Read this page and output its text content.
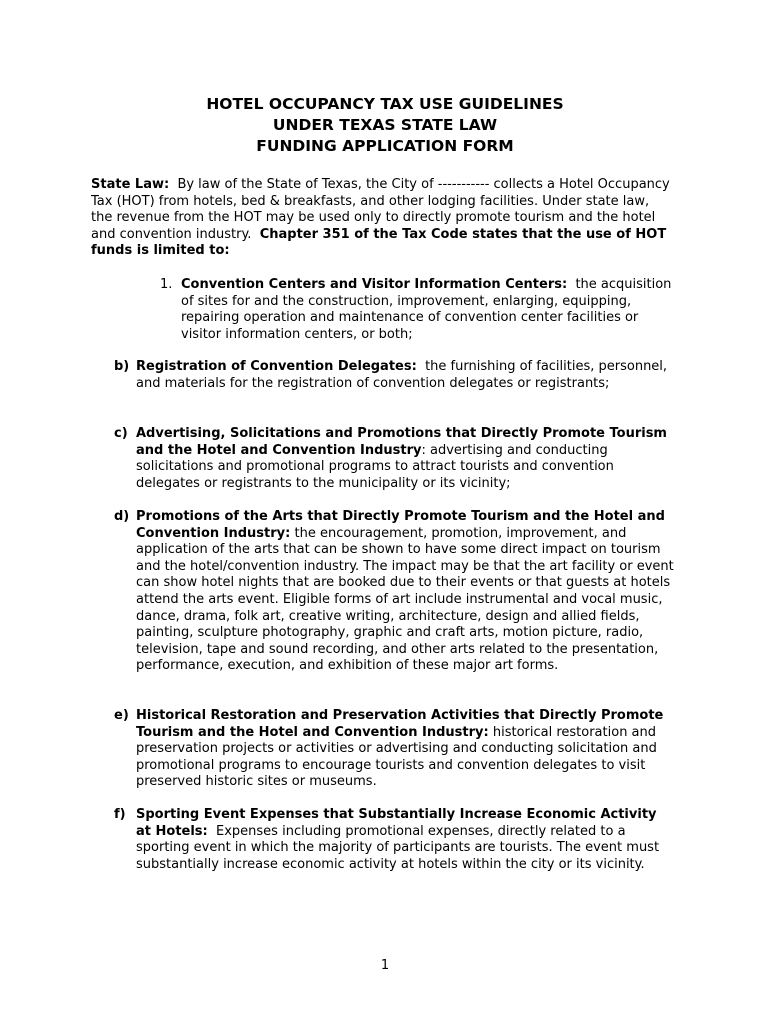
HOTEL OCCUPANCY TAX USE GUIDELINES
UNDER TEXAS STATE LAW
FUNDING APPLICATION FORM

State Law: By law of the State of Texas, the City of ----------- collects a Hotel Occupancy Tax (HOT) from hotels, bed & breakfasts, and other lodging facilities. Under state law, the revenue from the HOT may be used only to directly promote tourism and the hotel and convention industry. Chapter 351 of the Tax Code states that the use of HOT funds is limited to:

1. Convention Centers and Visitor Information Centers: the acquisition of sites for and the construction, improvement, enlarging, equipping, repairing operation and maintenance of convention center facilities or visitor information centers, or both;
b) Registration of Convention Delegates: the furnishing of facilities, personnel, and materials for the registration of convention delegates or registrants;
c) Advertising, Solicitations and Promotions that Directly Promote Tourism and the Hotel and Convention Industry: advertising and conducting solicitations and promotional programs to attract tourists and convention delegates or registrants to the municipality or its vicinity;
d) Promotions of the Arts that Directly Promote Tourism and the Hotel and Convention Industry: the encouragement, promotion, improvement, and application of the arts that can be shown to have some direct impact on tourism and the hotel/convention industry. The impact may be that the art facility or event can show hotel nights that are booked due to their events or that guests at hotels attend the arts event. Eligible forms of art include instrumental and vocal music, dance, drama, folk art, creative writing, architecture, design and allied fields, painting, sculpture photography, graphic and craft arts, motion picture, radio, television, tape and sound recording, and other arts related to the presentation, performance, execution, and exhibition of these major art forms.
e) Historical Restoration and Preservation Activities that Directly Promote Tourism and the Hotel and Convention Industry: historical restoration and preservation projects or activities or advertising and conducting solicitation and promotional programs to encourage tourists and convention delegates to visit preserved historic sites or museums.
f) Sporting Event Expenses that Substantially Increase Economic Activity at Hotels: Expenses including promotional expenses, directly related to a sporting event in which the majority of participants are tourists. The event must substantially increase economic activity at hotels within the city or its vicinity.
1
